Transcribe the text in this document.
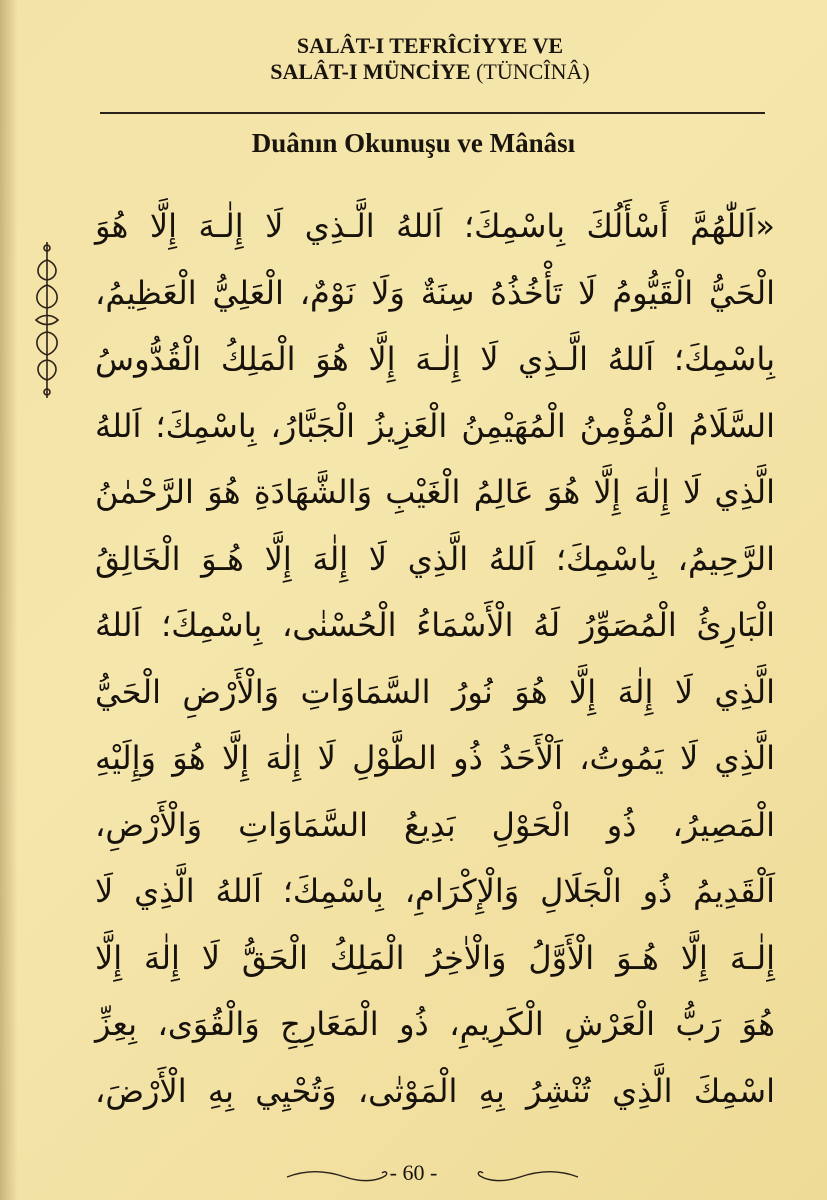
SALÂT-I TEFRÎCİYYE VE
SALÂT-I MÜNCİYE (TÜNCÎNÂ)
Duânın Okunuşu ve Mânâsı
«اَللّٰهُمَّ أَسْأَلُكَ بِاسْمِكَ؛ اَللهُ الَّـذِي لَا إِلٰـهَ إِلَّا هُوَ
الْحَيُّ الْقَيُّومُ لَا تَأْخُذُهُ سِنَةٌ وَلَا نَوْمٌ، الْعَلِيُّ الْعَظِيمُ،
بِاسْمِكَ؛ اَللهُ الَّـذِي لَا إِلٰـهَ إِلَّا هُوَ الْمَلِكُ الْقُدُّوسُ
السَّلَامُ الْمُؤْمِنُ الْمُهَيْمِنُ الْعَزِيزُ الْجَبَّارُ، بِاسْمِكَ؛ اَللهُ
الَّذِي لَا إِلٰهَ إِلَّا هُوَ عَالِمُ الْغَيْبِ وَالشَّهَادَةِ هُوَ الرَّحْمٰنُ
الرَّحِيمُ، بِاسْمِكَ؛ اَللهُ الَّذِي لَا إِلٰهَ إِلَّا هُـوَ الْخَالِقُ
الْبَارِئُ الْمُصَوِّرُ لَهُ الْأَسْمَاءُ الْحُسْنٰى، بِاسْمِكَ؛ اَللهُ
الَّذِي لَا إِلٰهَ إِلَّا هُوَ نُورُ السَّمَاوَاتِ وَالْأَرْضِ الْحَيُّ
الَّذِي لَا يَمُوتُ، اَلْأَحَدُ ذُو الطَّوْلِ لَا إِلٰهَ إِلَّا هُوَ وَإِلَيْهِ
الْمَصِيرُ، ذُو الْحَوْلِ بَدِيعُ السَّمَاوَاتِ وَالْأَرْضِ،
اَلْقَدِيمُ ذُو الْجَلَالِ وَالْإِكْرَامِ، بِاسْمِكَ؛ اَللهُ الَّذِي لَا
إِلٰـهَ إِلَّا هُـوَ الْأَوَّلُ وَالْاٰخِرُ الْمَلِكُ الْحَقُّ لَا إِلٰهَ إِلَّا
هُوَ رَبُّ الْعَرْشِ الْكَرِيمِ، ذُو الْمَعَارِجِ وَالْقُوَى، بِعِزِّ
اسْمِكَ الَّذِي تُنْشِرُ بِهِ الْمَوْتٰى، وَتُحْيِي بِهِ الْأَرْضَ،
- 60 -
